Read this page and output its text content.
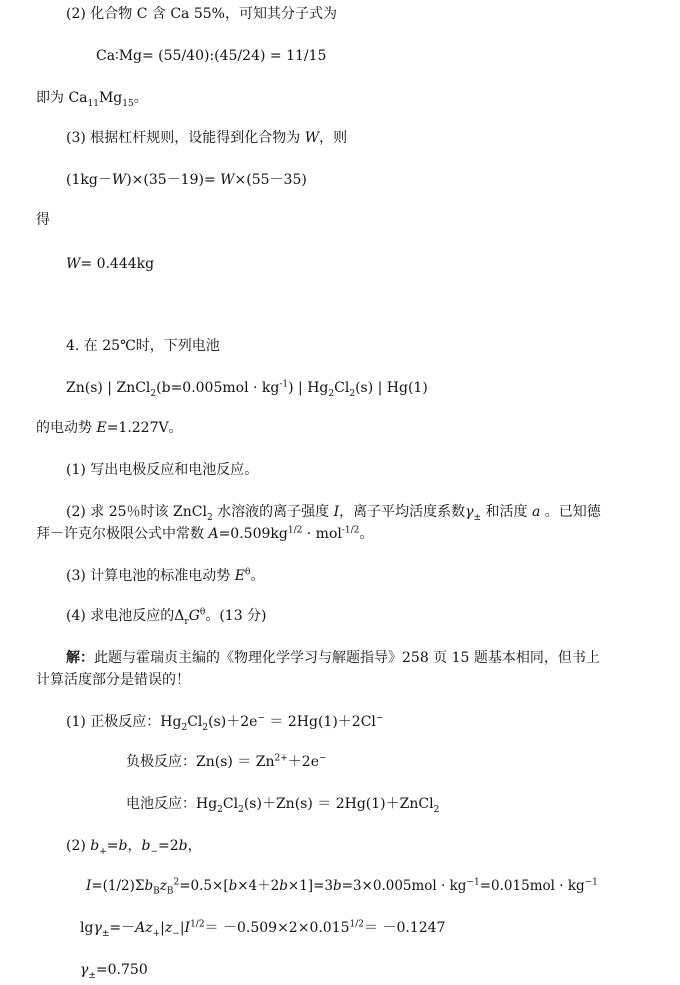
(2) 化合物 C 含 Ca 55%，可知其分子式为
Ca∶Mg= (55/40):(45/24) = 11/15
即为 $Ca_{11}Mg_{15}$。
(3) 根据杠杆规则，设能得到化合物为 W，则
(1kg－W)×(35－19)= W×(55－35)
得
W= 0.444kg
4. 在 25℃时，下列电池
Zn(s) | ZnCl$_2$(b=0.005mol · $kg^{-1}$) | $Hg_2Cl_2(s)$ | Hg(1)
的电动势 E=1.227V。
(1) 写出电极反应和电池反应。
(2) 求 25％时该 ZnCl$_2$ 水溶液的离子强度 I，离子平均活度系数$\gamma_\pm$ 和活度 a 。已知德
拜－许克尔极限公式中常数 $A=0.509kg^{1/2} \cdot mol^{-1/2}$。
(3) 计算电池的标准电动势 $E^\theta$。
(4) 求电池反应的$\Delta_rG^\theta$。(13 分)
解：此题与霍瑞贞主编的《物理化学学习与解题指导》258 页 15 题基本相同，但书上
计算活度部分是错误的！
(1) 正极反应：$Hg_2Cl_2(s)+2e^- = 2Hg(1)+2Cl^-$
负极反应：$Zn(s) = Zn^{2+}+2e^-$
电池反应：$Hg_2Cl_2(s)+Zn(s)$ ＝ 2Hg(1)＋ZnCl$_2$
(2) $b_+=b$，$b_-=2b$，
$I=(1/2)\Sigma b_Bz_B^2=0.5\times[b\times 4+2b\times 1]=3b=3\times 0.005mol \cdot kg^{-1}=0.015mol \cdot kg^{-1}$
$\lg\gamma_\pm=-Az_+|z_-|I^{1/2}= -0.509\times 2\times 0.015^{1/2}= -0.1247$
$\gamma_\pm=0.750$
